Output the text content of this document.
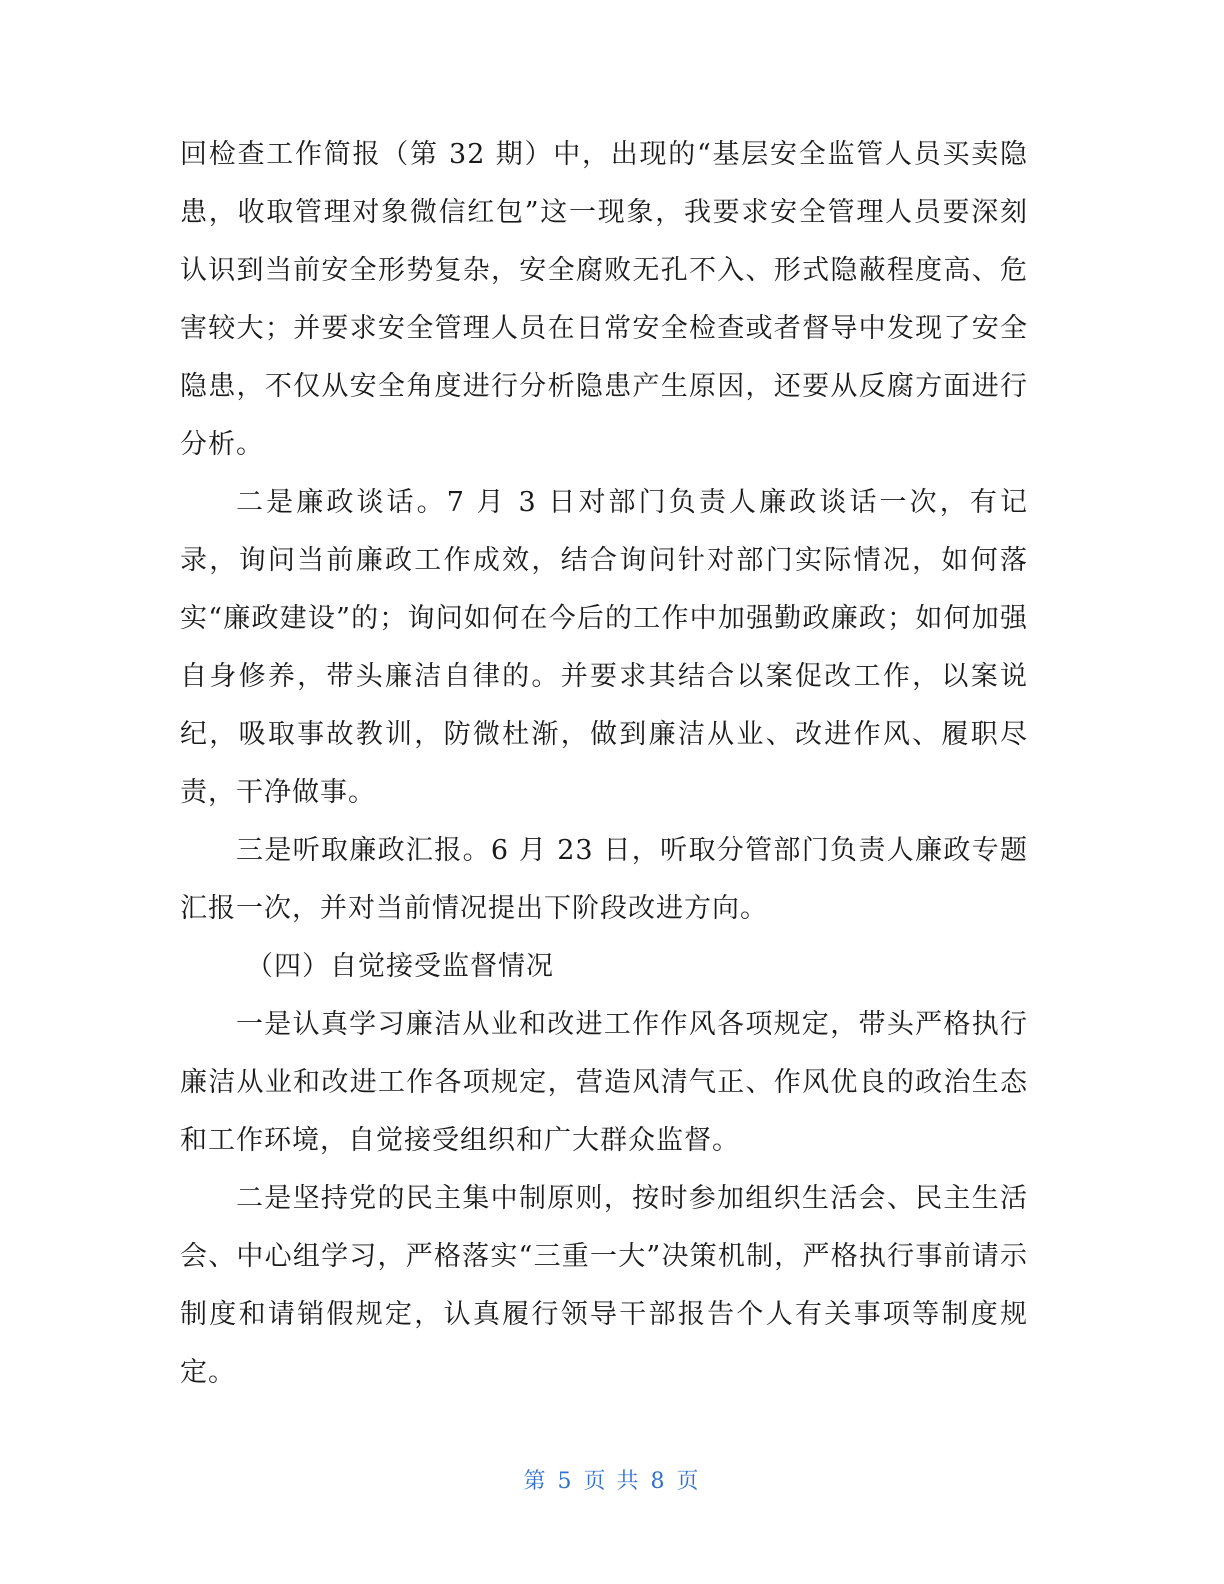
回检查工作简报（第 32 期）中，出现的“基层安全监管人员买卖隐患，收取管理对象微信红包”这一现象，我要求安全管理人员要深刻认识到当前安全形势复杂，安全腐败无孔不入、形式隐蔽程度高、危害较大；并要求安全管理人员在日常安全检查或者督导中发现了安全隐患，不仅从安全角度进行分析隐患产生原因，还要从反腐方面进行分析。

二是廉政谈话。7 月 3 日对部门负责人廉政谈话一次，有记录，询问当前廉政工作成效，结合询问针对部门实际情况，如何落实“廉政建设”的；询问如何在今后的工作中加强勤政廉政；如何加强自身修养，带头廉洁自律的。并要求其结合以案促改工作，以案说纪，吸取事故教训，防微杜渐，做到廉洁从业、改进作风、履职尽责，干净做事。

三是听取廉政汇报。6 月 23 日，听取分管部门负责人廉政专题汇报一次，并对当前情况提出下阶段改进方向。

（四）自觉接受监督情况

一是认真学习廉洁从业和改进工作作风各项规定，带头严格执行廉洁从业和改进工作各项规定，营造风清气正、作风优良的政治生态和工作环境，自觉接受组织和广大群众监督。

二是坚持党的民主集中制原则，按时参加组织生活会、民主生活会、中心组学习，严格落实“三重一大”决策机制，严格执行事前请示制度和请销假规定，认真履行领导干部报告个人有关事项等制度规定。

第 5 页 共 8 页
